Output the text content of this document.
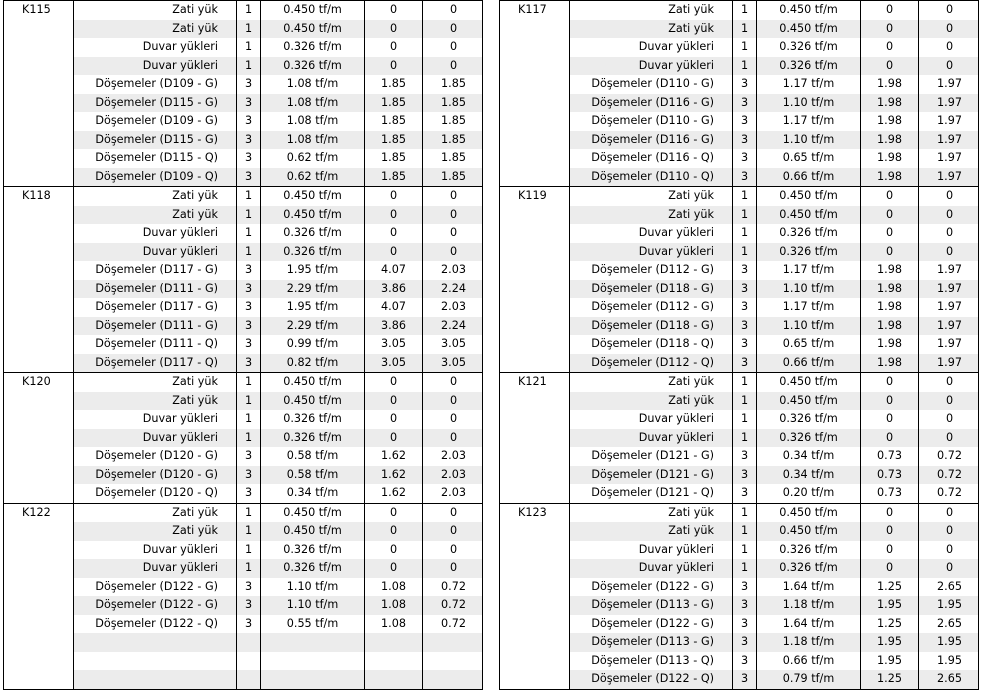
K115	Zati yük	1	0.450 tf/m	0	0
	Zati yük	1	0.450 tf/m	0	0
	Duvar yükleri	1	0.326 tf/m	0	0
	Duvar yükleri	1	0.326 tf/m	0	0
	Döşemeler (D109 - G)	3	1.08 tf/m	1.85	1.85
	Döşemeler (D115 - G)	3	1.08 tf/m	1.85	1.85
	Döşemeler (D109 - G)	3	1.08 tf/m	1.85	1.85
	Döşemeler (D115 - G)	3	1.08 tf/m	1.85	1.85
	Döşemeler (D115 - Q)	3	0.62 tf/m	1.85	1.85
	Döşemeler (D109 - Q)	3	0.62 tf/m	1.85	1.85
K118	Zati yük	1	0.450 tf/m	0	0
	Zati yük	1	0.450 tf/m	0	0
	Duvar yükleri	1	0.326 tf/m	0	0
	Duvar yükleri	1	0.326 tf/m	0	0
	Döşemeler (D117 - G)	3	1.95 tf/m	4.07	2.03
	Döşemeler (D111 - G)	3	2.29 tf/m	3.86	2.24
	Döşemeler (D117 - G)	3	1.95 tf/m	4.07	2.03
	Döşemeler (D111 - G)	3	2.29 tf/m	3.86	2.24
	Döşemeler (D111 - Q)	3	0.99 tf/m	3.05	3.05
	Döşemeler (D117 - Q)	3	0.82 tf/m	3.05	3.05
K120	Zati yük	1	0.450 tf/m	0	0
	Zati yük	1	0.450 tf/m	0	0
	Duvar yükleri	1	0.326 tf/m	0	0
	Duvar yükleri	1	0.326 tf/m	0	0
	Döşemeler (D120 - G)	3	0.58 tf/m	1.62	2.03
	Döşemeler (D120 - G)	3	0.58 tf/m	1.62	2.03
	Döşemeler (D120 - Q)	3	0.34 tf/m	1.62	2.03
K122	Zati yük	1	0.450 tf/m	0	0
	Zati yük	1	0.450 tf/m	0	0
	Duvar yükleri	1	0.326 tf/m	0	0
	Duvar yükleri	1	0.326 tf/m	0	0
	Döşemeler (D122 - G)	3	1.10 tf/m	1.08	0.72
	Döşemeler (D122 - G)	3	1.10 tf/m	1.08	0.72
	Döşemeler (D122 - Q)	3	0.55 tf/m	1.08	0.72

K117	Zati yük	1	0.450 tf/m	0	0
	Zati yük	1	0.450 tf/m	0	0
	Duvar yükleri	1	0.326 tf/m	0	0
	Duvar yükleri	1	0.326 tf/m	0	0
	Döşemeler (D110 - G)	3	1.17 tf/m	1.98	1.97
	Döşemeler (D116 - G)	3	1.10 tf/m	1.98	1.97
	Döşemeler (D110 - G)	3	1.17 tf/m	1.98	1.97
	Döşemeler (D116 - G)	3	1.10 tf/m	1.98	1.97
	Döşemeler (D116 - Q)	3	0.65 tf/m	1.98	1.97
	Döşemeler (D110 - Q)	3	0.66 tf/m	1.98	1.97
K119	Zati yük	1	0.450 tf/m	0	0
	Zati yük	1	0.450 tf/m	0	0
	Duvar yükleri	1	0.326 tf/m	0	0
	Duvar yükleri	1	0.326 tf/m	0	0
	Döşemeler (D112 - G)	3	1.17 tf/m	1.98	1.97
	Döşemeler (D118 - G)	3	1.10 tf/m	1.98	1.97
	Döşemeler (D112 - G)	3	1.17 tf/m	1.98	1.97
	Döşemeler (D118 - G)	3	1.10 tf/m	1.98	1.97
	Döşemeler (D118 - Q)	3	0.65 tf/m	1.98	1.97
	Döşemeler (D112 - Q)	3	0.66 tf/m	1.98	1.97
K121	Zati yük	1	0.450 tf/m	0	0
	Zati yük	1	0.450 tf/m	0	0
	Duvar yükleri	1	0.326 tf/m	0	0
	Duvar yükleri	1	0.326 tf/m	0	0
	Döşemeler (D121 - G)	3	0.34 tf/m	0.73	0.72
	Döşemeler (D121 - G)	3	0.34 tf/m	0.73	0.72
	Döşemeler (D121 - Q)	3	0.20 tf/m	0.73	0.72
K123	Zati yük	1	0.450 tf/m	0	0
	Zati yük	1	0.450 tf/m	0	0
	Duvar yükleri	1	0.326 tf/m	0	0
	Duvar yükleri	1	0.326 tf/m	0	0
	Döşemeler (D122 - G)	3	1.64 tf/m	1.25	2.65
	Döşemeler (D113 - G)	3	1.18 tf/m	1.95	1.95
	Döşemeler (D122 - G)	3	1.64 tf/m	1.25	2.65
	Döşemeler (D113 - G)	3	1.18 tf/m	1.95	1.95
	Döşemeler (D113 - Q)	3	0.66 tf/m	1.95	1.95
	Döşemeler (D122 - Q)	3	0.79 tf/m	1.25	2.65
